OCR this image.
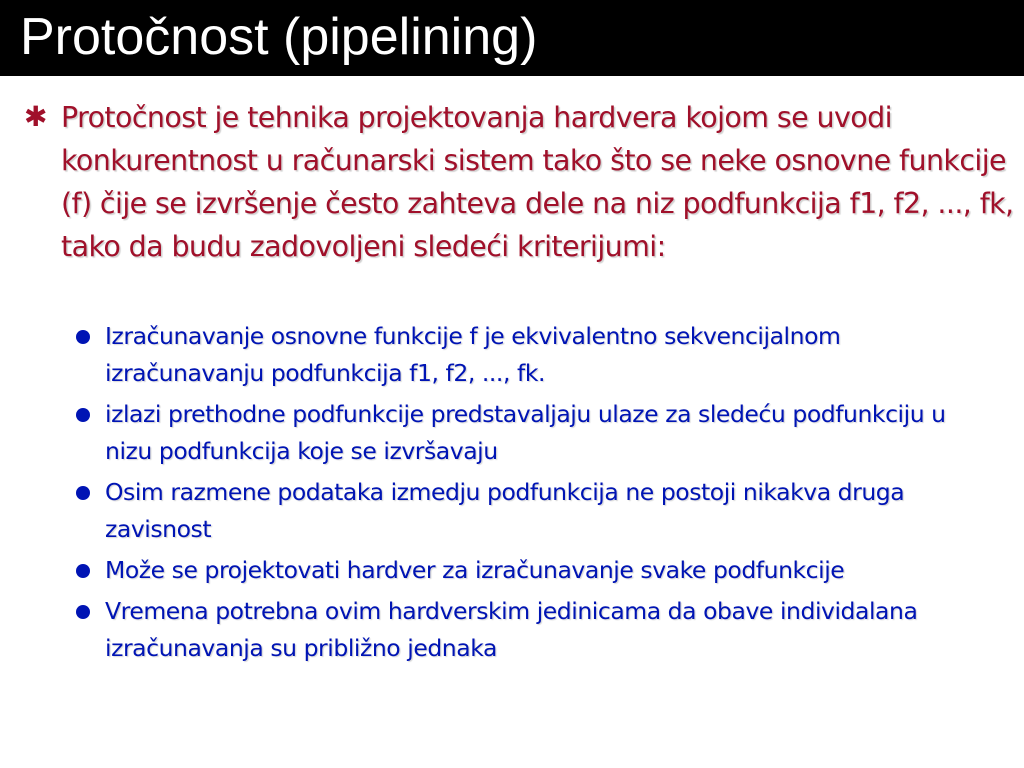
Protočnost (pipelining)
✱ Protočnost je tehnika projektovanja hardvera kojom se uvodi konkurentnost u računarski sistem tako što se neke osnovne funkcije (f) čije se izvršenje često zahteva dele na niz podfunkcija f1, f2, ..., fk, tako da budu zadovoljeni sledeći kriterijumi:
Izračunavanje osnovne funkcije f je ekvivalentno sekvencijalnom izračunavanju podfunkcija f1, f2, ..., fk.
izlazi prethodne podfunkcije predstavaljaju ulaze za sledeću podfunkciju u nizu podfunkcija koje se izvršavaju
Osim razmene podataka izmedju podfunkcija ne postoji nikakva druga zavisnost
Može se projektovati hardver za izračunavanje svake podfunkcije
Vremena potrebna ovim hardverskim jedinicama da obave individalana izračunavanja su približno jednaka
